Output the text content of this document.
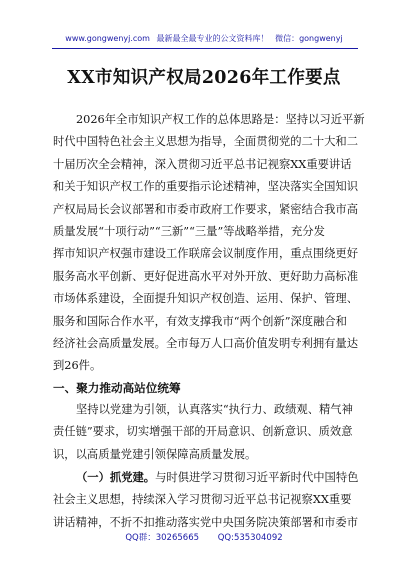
www.gongwenyj.com 最新最全最专业的公文资料库！ 微信：gongwenyj
XX市知识产权局2026年工作要点
2026年全市知识产权工作的总体思路是：坚持以习近平新
时代中国特色社会主义思想为指导，全面贯彻党的二十大和二
十届历次全会精神，深入贯彻习近平总书记视察XX重要讲话
和关于知识产权工作的重要指示论述精神，坚决落实全国知识
产权局局长会议部署和市委市政府工作要求，紧密结合我市高
质量发展“十项行动”“三新”“三量”等战略举措，充分发
挥市知识产权强市建设工作联席会议制度作用，重点围绕更好
服务高水平创新、更好促进高水平对外开放、更好助力高标准
市场体系建设，全面提升知识产权创造、运用、保护、管理、
服务和国际合作水平，有效支撑我市“两个创新”深度融合和
经济社会高质量发展。全市每万人口高价值发明专利拥有量达
到26件。
一、聚力推动高站位统筹
坚持以党建为引领，认真落实“执行力、政绩观、精气神
责任链”要求，切实增强干部的开局意识、创新意识、质效意
识，以高质量党建引领保障高质量发展。
（一）抓党建。与时俱进学习贯彻习近平新时代中国特色
社会主义思想，持续深入学习贯彻习近平总书记视察XX重要
讲话精神，不折不扣推动落实党中央国务院决策部署和市委市
QQ群：30265665 QQ:535304092
